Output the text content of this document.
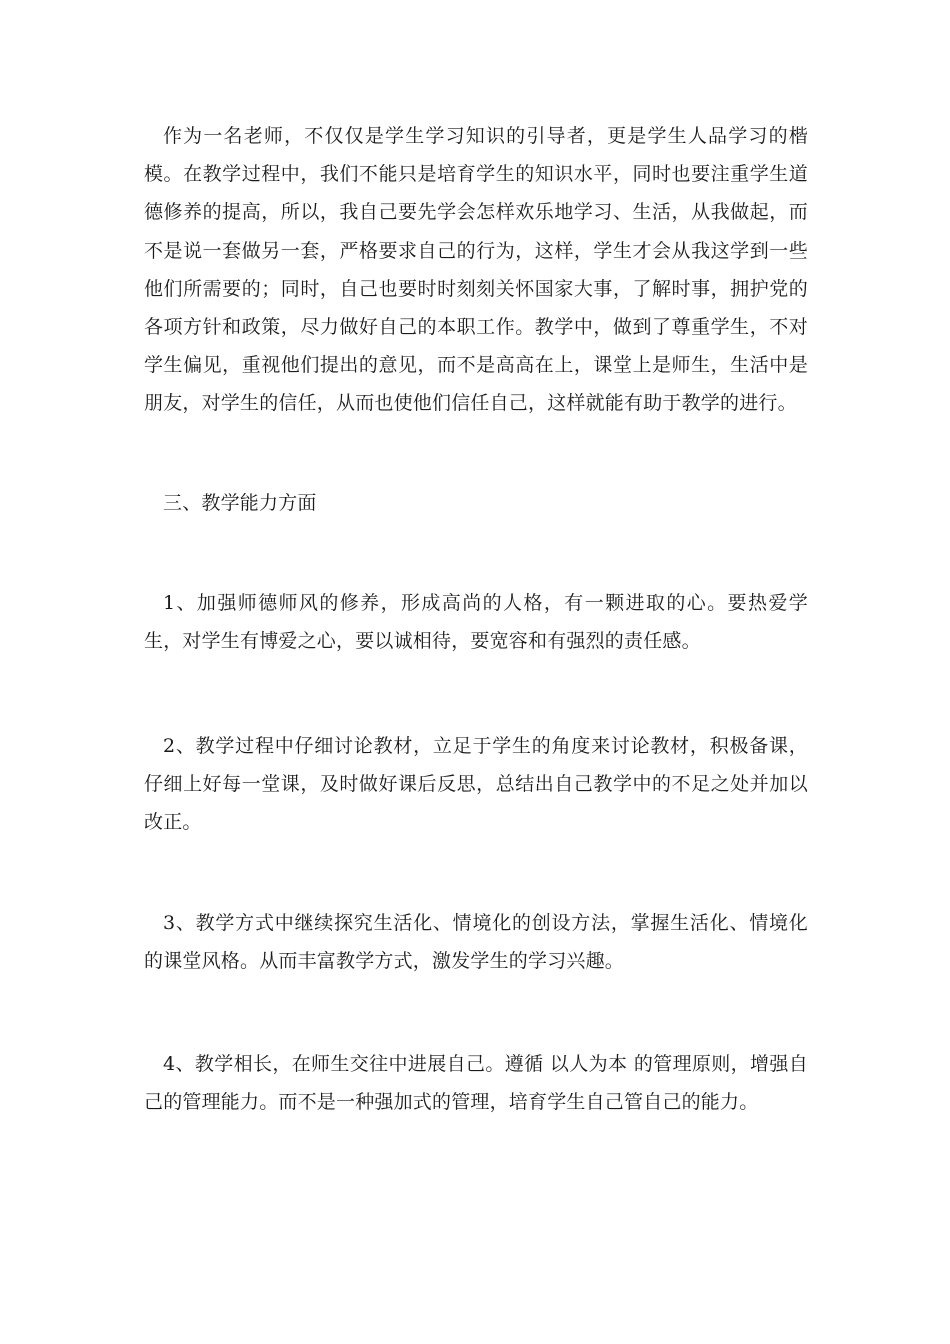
作为一名老师，不仅仅是学生学习知识的引导者，更是学生人品学习的楷模。在教学过程中，我们不能只是培育学生的知识水平，同时也要注重学生道德修养的提高，所以，我自己要先学会怎样欢乐地学习、生活，从我做起，而不是说一套做另一套，严格要求自己的行为，这样，学生才会从我这学到一些他们所需要的；同时，自己也要时时刻刻关怀国家大事，了解时事，拥护党的各项方针和政策，尽力做好自己的本职工作。教学中，做到了尊重学生，不对学生偏见，重视他们提出的意见，而不是高高在上，课堂上是师生，生活中是朋友，对学生的信任，从而也使他们信任自己，这样就能有助于教学的进行。

三、教学能力方面

1、加强师德师风的修养，形成高尚的人格，有一颗进取的心。要热爱学生，对学生有博爱之心，要以诚相待，要宽容和有强烈的责任感。

2、教学过程中仔细讨论教材，立足于学生的角度来讨论教材，积极备课，仔细上好每一堂课，及时做好课后反思，总结出自己教学中的不足之处并加以改正。

3、教学方式中继续探究生活化、情境化的创设方法，掌握生活化、情境化的课堂风格。从而丰富教学方式，激发学生的学习兴趣。

4、教学相长，在师生交往中进展自己。遵循 以人为本 的管理原则，增强自己的管理能力。而不是一种强加式的管理，培育学生自己管自己的能力。
